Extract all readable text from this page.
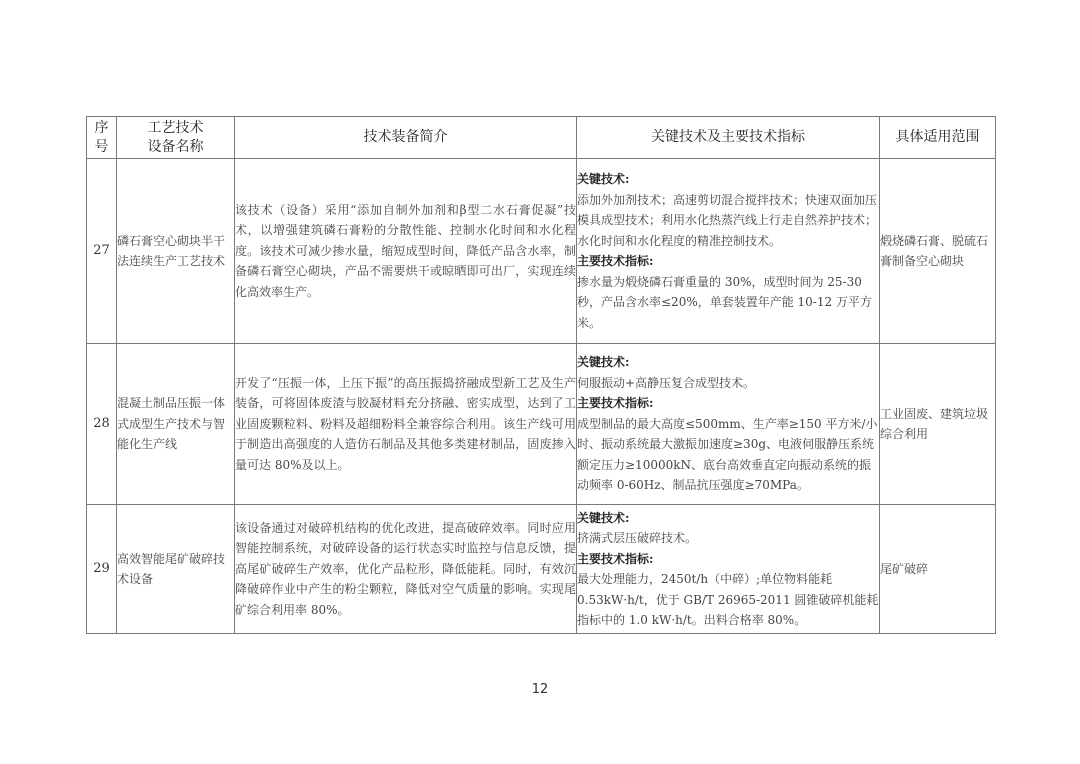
序
号	工艺技术
设备名称	技术装备简介	关键技术及主要技术指标	具体适用范围
27	磷石膏空心砌块半干法连续生产工艺技术	该技术（设备）采用“添加自制外加剂和β型二水石膏促凝”技术，以增强建筑磷石膏粉的分散性能、控制水化时间和水化程度。该技术可减少掺水量，缩短成型时间，降低产品含水率，制备磷石膏空心砌块，产品不需要烘干或晾晒即可出厂，实现连续化高效率生产。	关键技术:
添加外加剂技术；高速剪切混合搅拌技术；快速双面加压模具成型技术；利用水化热蒸汽线上行走自然养护技术；水化时间和水化程度的精准控制技术。
主要技术指标:
掺水量为煅烧磷石膏重量的 30%，成型时间为 25-30 秒，产品含水率≤20%，单套装置年产能 10-12 万平方米。	煅烧磷石膏、脱硫石膏制备空心砌块
28	混凝土制品压振一体式成型生产技术与智能化生产线	开发了“压振一体，上压下振”的高压振捣挤融成型新工艺及生产装备，可将固体废渣与胶凝材料充分挤融、密实成型，达到了工业固废颗粒料、粉料及超细粉料全兼容综合利用。该生产线可用于制造出高强度的人造仿石制品及其他多类建材制品，固废掺入量可达 80%及以上。	关键技术:
伺服振动+高静压复合成型技术。
主要技术指标:
成型制品的最大高度≤500mm、生产率≥150 平方米/小时、振动系统最大激振加速度≥30g、电液伺服静压系统额定压力≥10000kN、底台高效垂直定向振动系统的振动频率 0-60Hz、制品抗压强度≥70MPa。	工业固废、建筑垃圾综合利用
29	高效智能尾矿破碎技术设备	该设备通过对破碎机结构的优化改进，提高破碎效率。同时应用智能控制系统，对破碎设备的运行状态实时监控与信息反馈，提高尾矿破碎生产效率，优化产品粒形，降低能耗。同时，有效沉降破碎作业中产生的粉尘颗粒，降低对空气质量的影响。实现尾矿综合利用率 80%。	关键技术:
挤满式层压破碎技术。
主要技术指标:
最大处理能力，2450t/h（中碎）;单位物料能耗 0.53kW·h/t，优于 GB/T 26965-2011 圆锥破碎机能耗指标中的 1.0 kW·h/t。出料合格率 80%。	尾矿破碎
12
